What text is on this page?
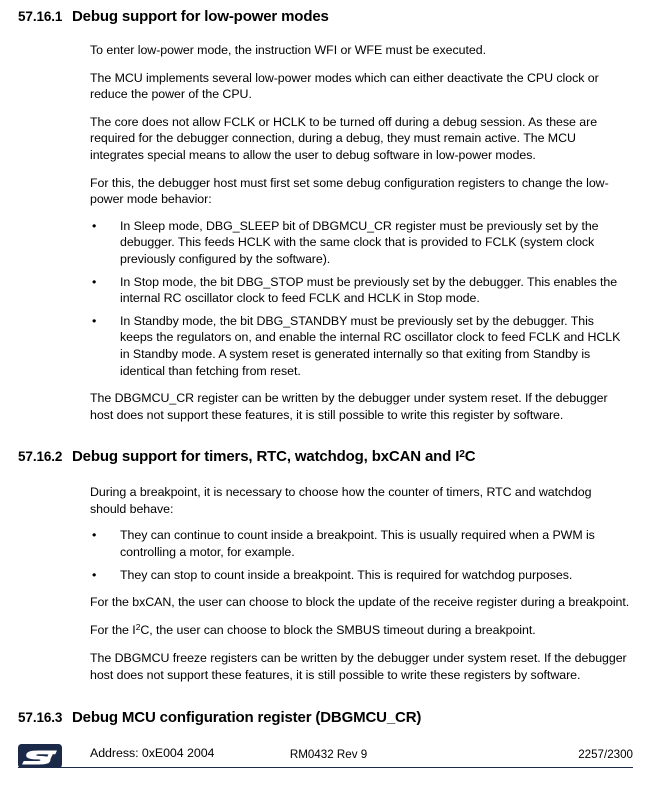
57.16.1 Debug support for low-power modes

To enter low-power mode, the instruction WFI or WFE must be executed.

The MCU implements several low-power modes which can either deactivate the CPU clock or reduce the power of the CPU.

The core does not allow FCLK or HCLK to be turned off during a debug session. As these are required for the debugger connection, during a debug, they must remain active. The MCU integrates special means to allow the user to debug software in low-power modes.

For this, the debugger host must first set some debug configuration registers to change the low-power mode behavior:

• In Sleep mode, DBG_SLEEP bit of DBGMCU_CR register must be previously set by the debugger. This feeds HCLK with the same clock that is provided to FCLK (system clock previously configured by the software).
• In Stop mode, the bit DBG_STOP must be previously set by the debugger. This enables the internal RC oscillator clock to feed FCLK and HCLK in Stop mode.
• In Standby mode, the bit DBG_STANDBY must be previously set by the debugger. This keeps the regulators on, and enable the internal RC oscillator clock to feed FCLK and HCLK in Standby mode. A system reset is generated internally so that exiting from Standby is identical than fetching from reset.

The DBGMCU_CR register can be written by the debugger under system reset. If the debugger host does not support these features, it is still possible to write this register by software.

57.16.2 Debug support for timers, RTC, watchdog, bxCAN and $I^2C$

During a breakpoint, it is necessary to choose how the counter of timers, RTC and watchdog should behave:

• They can continue to count inside a breakpoint. This is usually required when a PWM is controlling a motor, for example.
• They can stop to count inside a breakpoint. This is required for watchdog purposes.

For the bxCAN, the user can choose to block the update of the receive register during a breakpoint.

For the $I^2C$, the user can choose to block the SMBUS timeout during a breakpoint.

The DBGMCU freeze registers can be written by the debugger under system reset. If the debugger host does not support these features, it is still possible to write these registers by software.

57.16.3 Debug MCU configuration register (DBGMCU_CR)

Address: 0xE004 2004	RM0432 Rev 9	2257/2300
